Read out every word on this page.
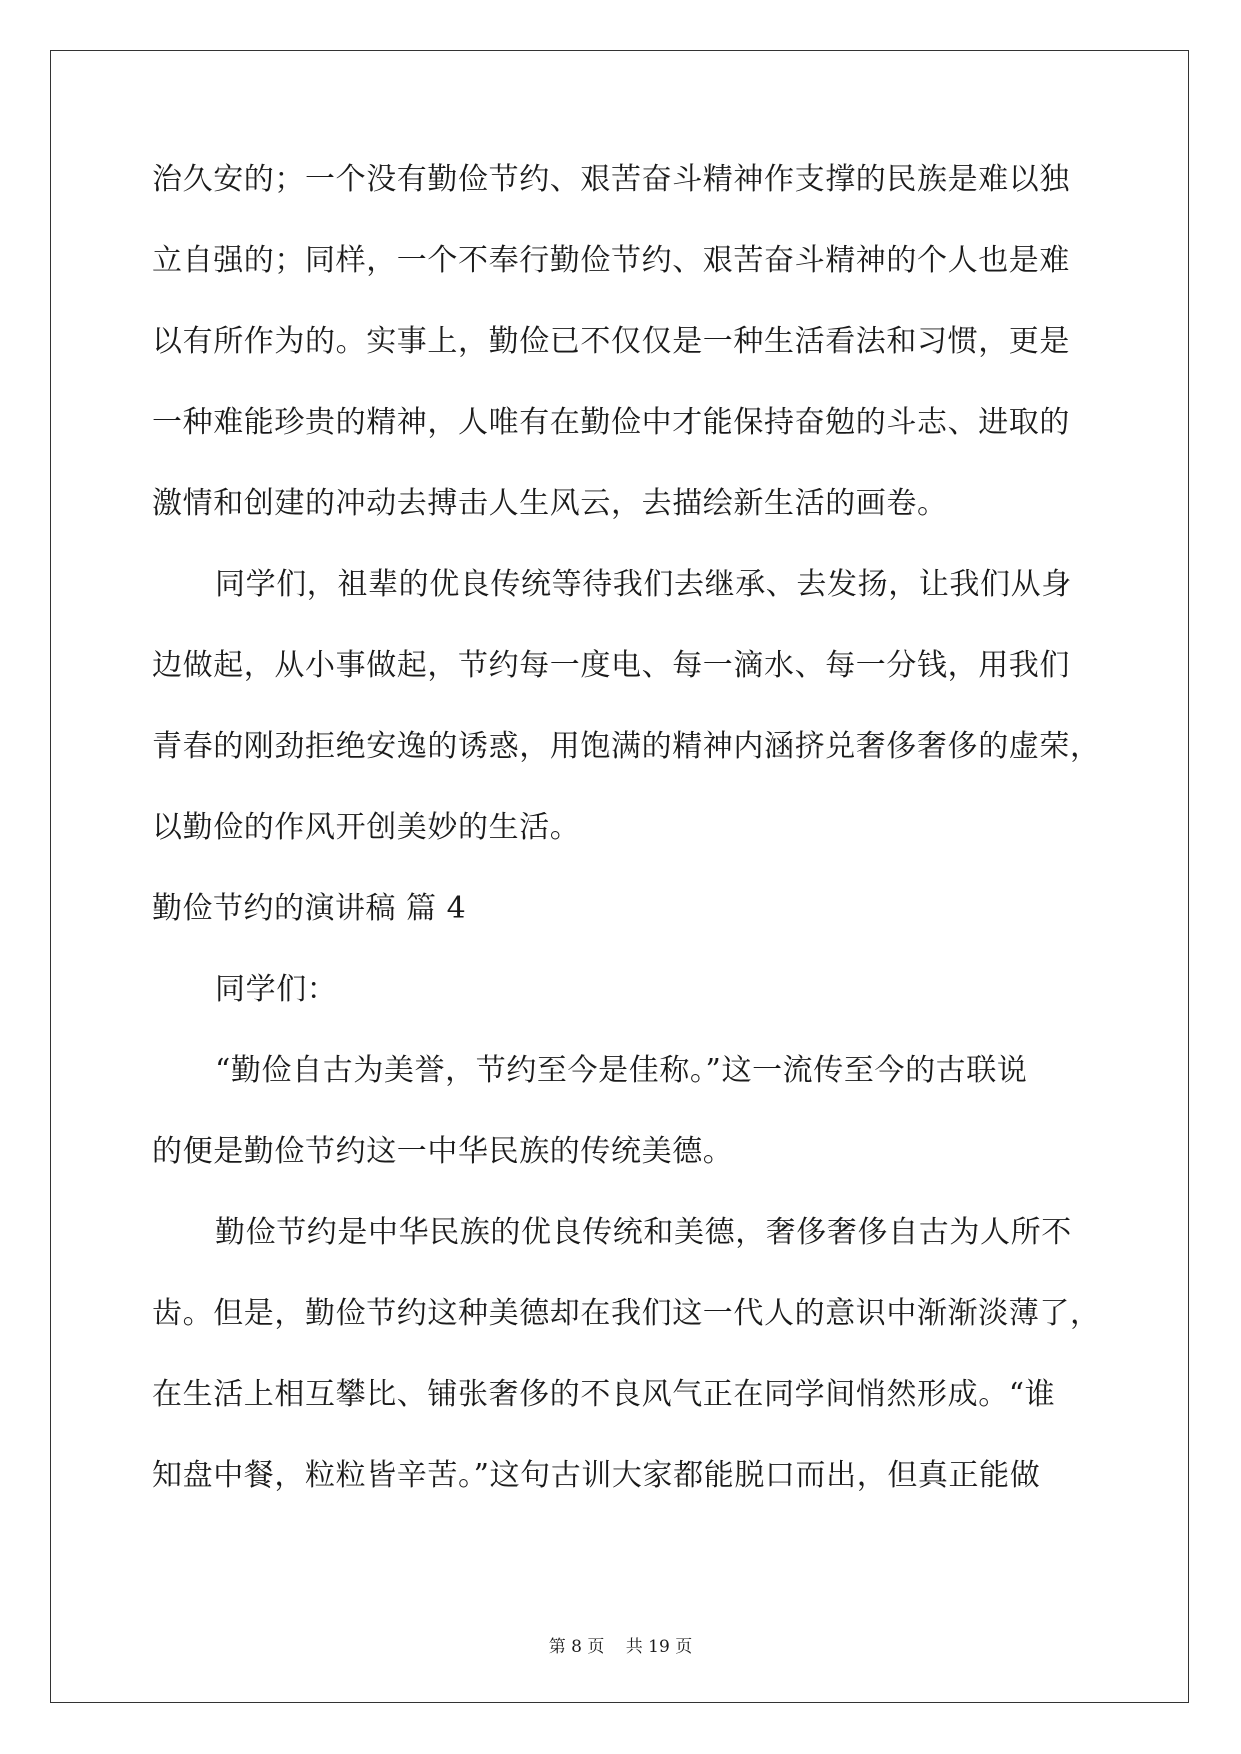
治久安的；一个没有勤俭节约、艰苦奋斗精神作支撑的民族是难以独
立自强的；同样，一个不奉行勤俭节约、艰苦奋斗精神的个人也是难
以有所作为的。实事上，勤俭已不仅仅是一种生活看法和习惯，更是
一种难能珍贵的精神，人唯有在勤俭中才能保持奋勉的斗志、进取的
激情和创建的冲动去搏击人生风云，去描绘新生活的画卷。
同学们，祖辈的优良传统等待我们去继承、去发扬，让我们从身
边做起，从小事做起，节约每一度电、每一滴水、每一分钱，用我们
青春的刚劲拒绝安逸的诱惑，用饱满的精神内涵挤兑奢侈奢侈的虚荣，
以勤俭的作风开创美妙的生活。
勤俭节约的演讲稿 篇 4
同学们：
“勤俭自古为美誉，节约至今是佳称。”这一流传至今的古联说
的便是勤俭节约这一中华民族的传统美德。
勤俭节约是中华民族的优良传统和美德，奢侈奢侈自古为人所不
齿。但是，勤俭节约这种美德却在我们这一代人的意识中渐渐淡薄了，
在生活上相互攀比、铺张奢侈的不良风气正在同学间悄然形成。“谁
知盘中餐，粒粒皆辛苦。”这句古训大家都能脱口而出，但真正能做
第 8 页 共 19 页
